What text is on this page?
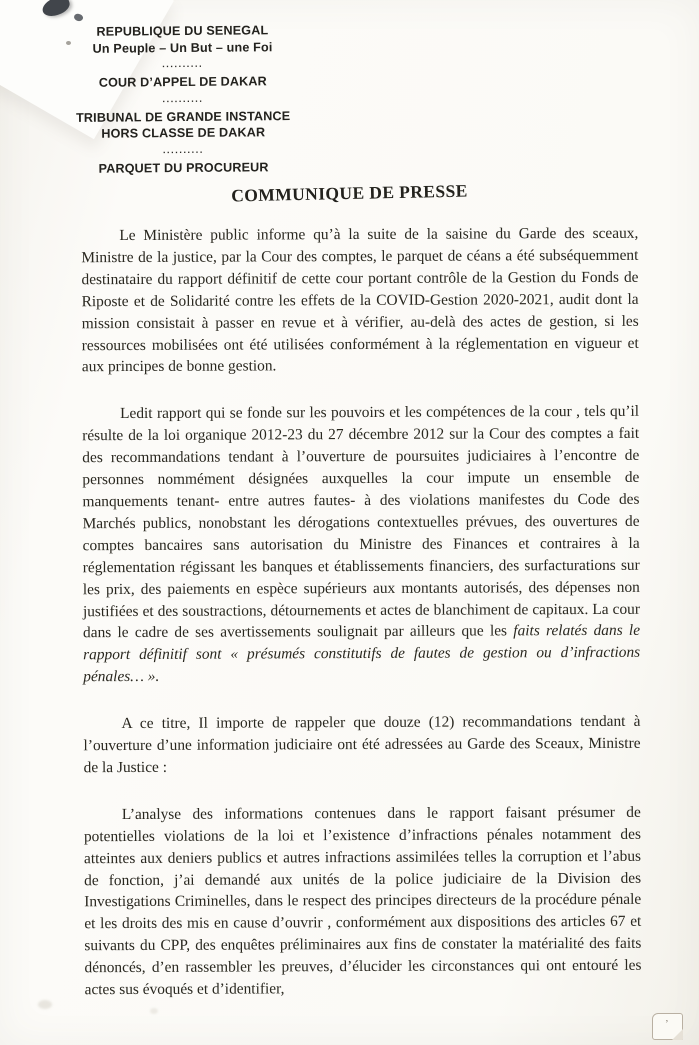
REPUBLIQUE DU SENEGAL
Un Peuple – Un But – une Foi
..........
COUR D’APPEL DE DAKAR
..........
TRIBUNAL DE GRANDE INSTANCE
HORS CLASSE DE DAKAR
..........
PARQUET DU PROCUREUR
COMMUNIQUE DE PRESSE

Le Ministère public informe qu’à la suite de la saisine du Garde des sceaux, Ministre de la justice, par la Cour des comptes, le parquet de céans a été subséquemment destinataire du rapport définitif de cette cour portant contrôle de la Gestion du Fonds de Riposte et de Solidarité contre les effets de la COVID-Gestion 2020-2021, audit dont la mission consistait à passer en revue et à vérifier, au-delà des actes de gestion, si les ressources mobilisées ont été utilisées conformément à la réglementation en vigueur et aux principes de bonne gestion.

Ledit rapport qui se fonde sur les pouvoirs et les compétences de la cour , tels qu’il résulte de la loi organique 2012-23 du 27 décembre 2012 sur la Cour des comptes a fait des recommandations tendant à l’ouverture de poursuites judiciaires à l’encontre de personnes nommément désignées auxquelles la cour impute un ensemble de manquements tenant- entre autres fautes- à des violations manifestes du Code des Marchés publics, nonobstant les dérogations contextuelles prévues, des ouvertures de comptes bancaires sans autorisation du Ministre des Finances et contraires à la réglementation régissant les banques et établissements financiers, des surfacturations sur les prix, des paiements en espèce supérieurs aux montants autorisés, des dépenses non justifiées et des soustractions, détournements et actes de blanchiment de capitaux. La cour dans le cadre de ses avertissements soulignait par ailleurs que les faits relatés dans le rapport définitif sont « présumés constitutifs de fautes de gestion ou d’infractions pénales… ».

A ce titre, Il importe de rappeler que douze (12) recommandations tendant à l’ouverture d’une information judiciaire ont été adressées au Garde des Sceaux, Ministre de la Justice :

L’analyse des informations contenues dans le rapport faisant présumer de potentielles violations de la loi et l’existence d’infractions pénales notamment des atteintes aux deniers publics et autres infractions assimilées telles la corruption et l’abus de fonction, j’ai demandé aux unités de la police judiciaire de la Division des Investigations Criminelles, dans le respect des principes directeurs de la procédure pénale et les droits des mis en cause d’ouvrir , conformément aux dispositions des articles 67 et suivants du CPP, des enquêtes préliminaires aux fins de constater la matérialité des faits dénoncés, d’en rassembler les preuves, d’élucider les circonstances qui ont entouré les actes sus évoqués et d’identifier,

’
